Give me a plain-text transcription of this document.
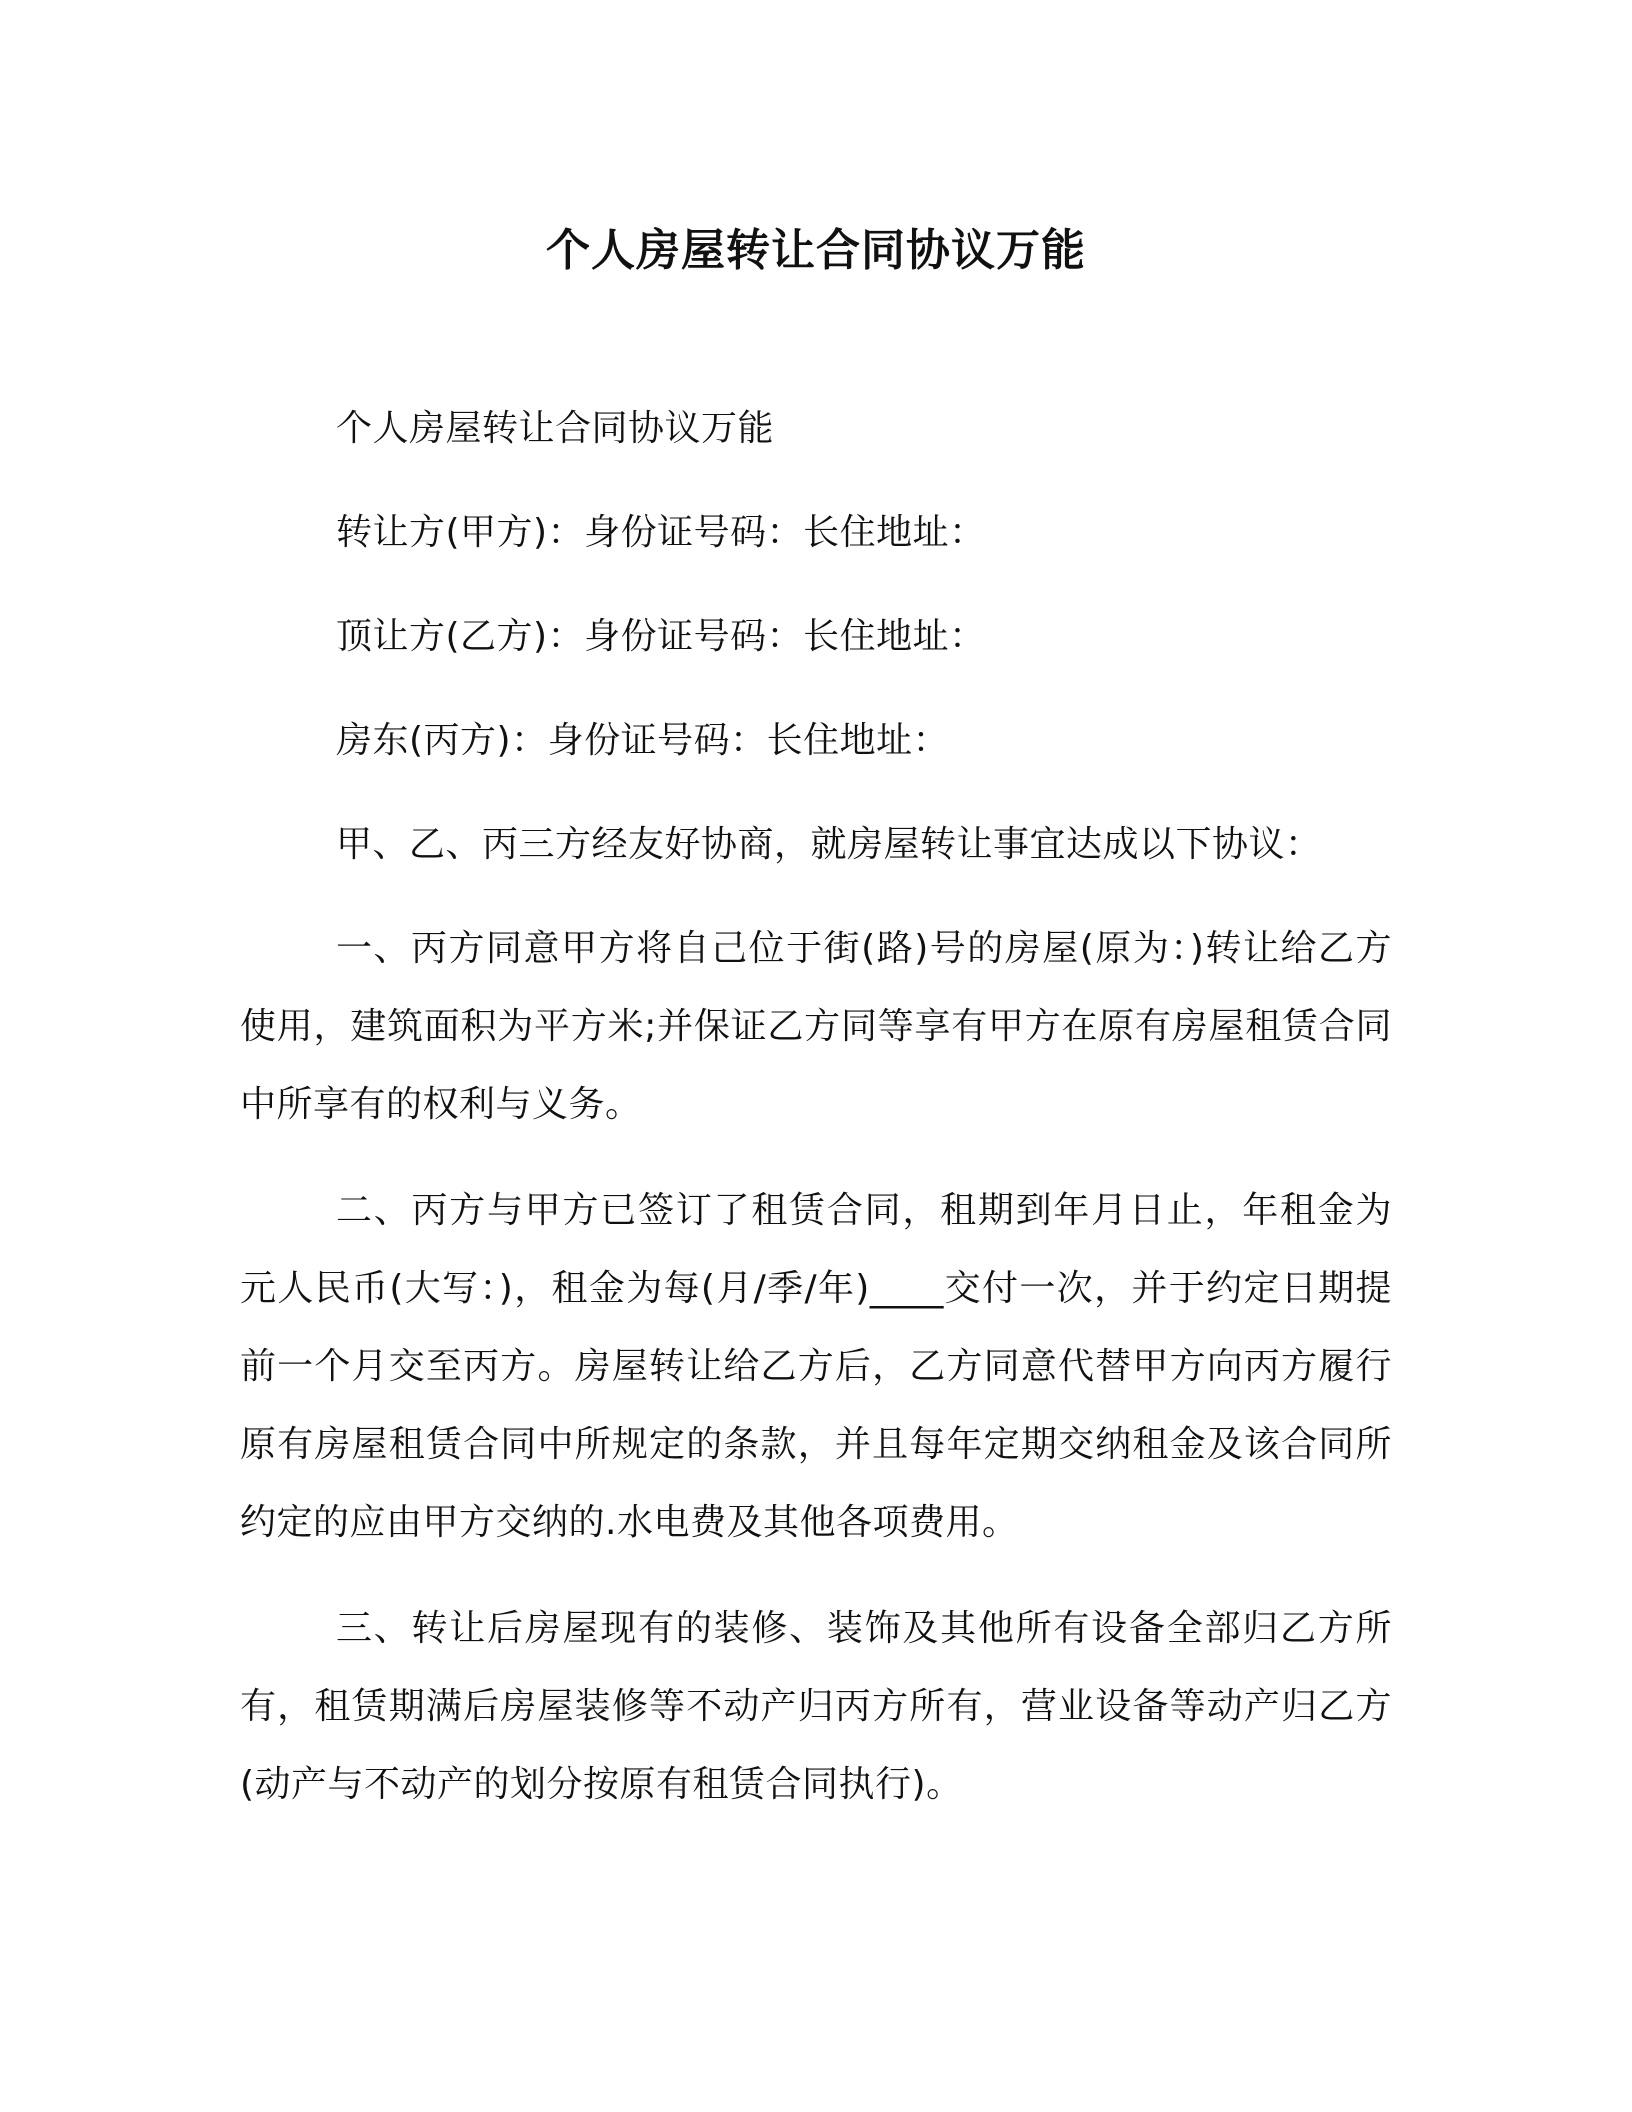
个人房屋转让合同协议万能

个人房屋转让合同协议万能

转让方(甲方)：身份证号码：长住地址：

顶让方(乙方)：身份证号码：长住地址：

房东(丙方)：身份证号码：长住地址：

甲、乙、丙三方经友好协商，就房屋转让事宜达成以下协议：

一、丙方同意甲方将自己位于街(路)号的房屋(原为：)转让给乙方使用，建筑面积为平方米;并保证乙方同等享有甲方在原有房屋租赁合同中所享有的权利与义务。

二、丙方与甲方已签订了租赁合同，租期到年月日止，年租金为元人民币(大写：)，租金为每(月/季/年)____交付一次，并于约定日期提前一个月交至丙方。房屋转让给乙方后，乙方同意代替甲方向丙方履行原有房屋租赁合同中所规定的条款，并且每年定期交纳租金及该合同所约定的应由甲方交纳的.水电费及其他各项费用。

三、转让后房屋现有的装修、装饰及其他所有设备全部归乙方所有，租赁期满后房屋装修等不动产归丙方所有，营业设备等动产归乙方(动产与不动产的划分按原有租赁合同执行)。
